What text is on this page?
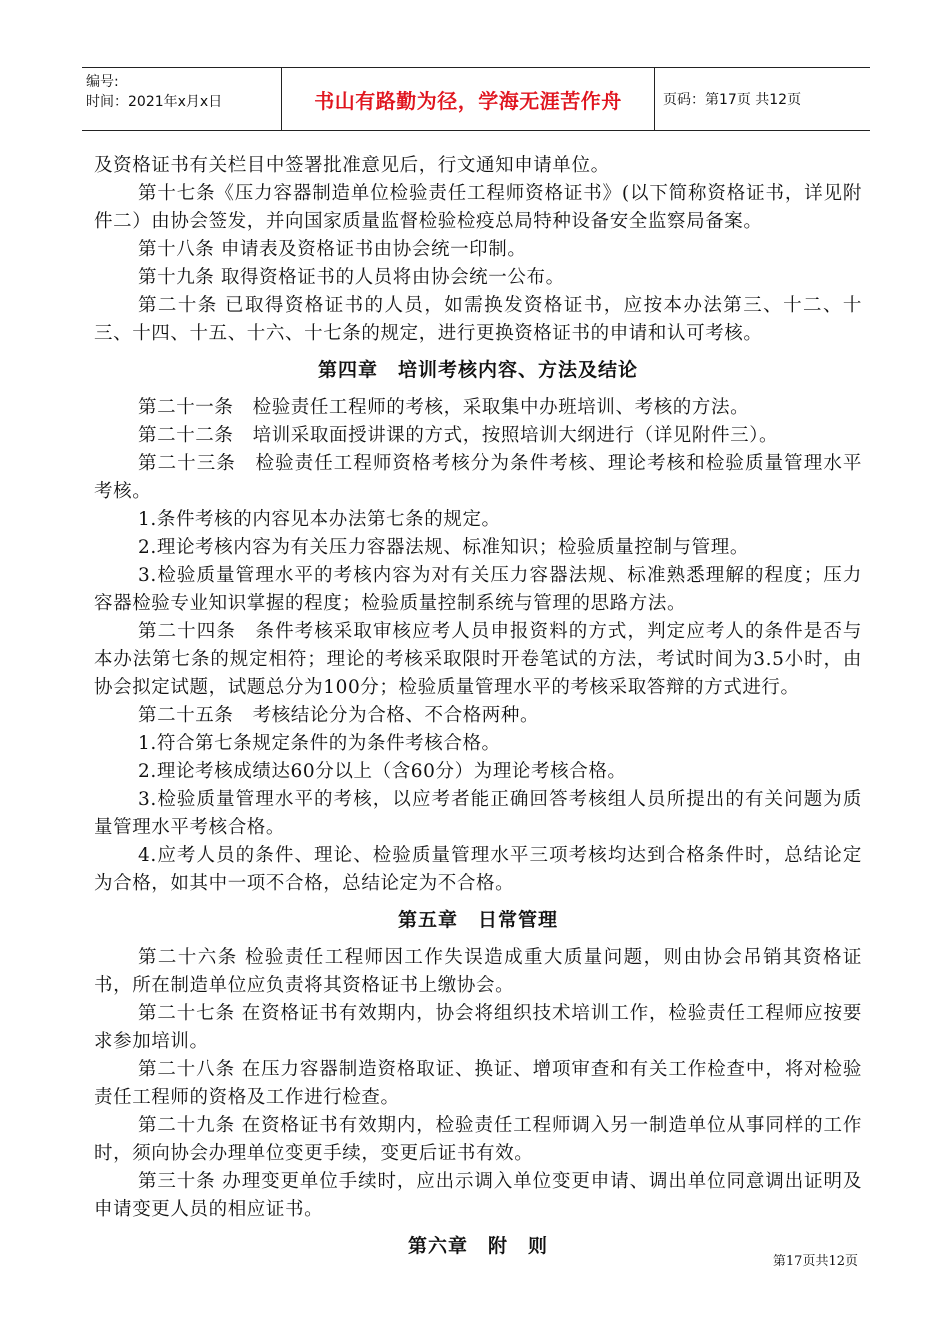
编号:
时间：2021年x月x日	书山有路勤为径，学海无涯苦作舟	页码：第17页 共12页

及资格证书有关栏目中签署批准意见后，行文通知申请单位。

第十七条《压力容器制造单位检验责任工程师资格证书》(以下简称资格证书，详见附件二）由协会签发，并向国家质量监督检验检疫总局特种设备安全监察局备案。

第十八条 申请表及资格证书由协会统一印制。

第十九条 取得资格证书的人员将由协会统一公布。

第二十条 已取得资格证书的人员，如需换发资格证书，应按本办法第三、十二、十三、十四、十五、十六、十七条的规定，进行更换资格证书的申请和认可考核。

第四章　培训考核内容、方法及结论

第二十一条　检验责任工程师的考核，采取集中办班培训、考核的方法。

第二十二条　培训采取面授讲课的方式，按照培训大纲进行（详见附件三）。

第二十三条　检验责任工程师资格考核分为条件考核、理论考核和检验质量管理水平考核。

1.条件考核的内容见本办法第七条的规定。

2.理论考核内容为有关压力容器法规、标准知识；检验质量控制与管理。

3.检验质量管理水平的考核内容为对有关压力容器法规、标准熟悉理解的程度；压力容器检验专业知识掌握的程度；检验质量控制系统与管理的思路方法。

第二十四条　条件考核采取审核应考人员申报资料的方式，判定应考人的条件是否与本办法第七条的规定相符；理论的考核采取限时开卷笔试的方法，考试时间为3.5小时，由协会拟定试题，试题总分为100分；检验质量管理水平的考核采取答辩的方式进行。

第二十五条　考核结论分为合格、不合格两种。

1.符合第七条规定条件的为条件考核合格。

2.理论考核成绩达60分以上（含60分）为理论考核合格。

3.检验质量管理水平的考核，以应考者能正确回答考核组人员所提出的有关问题为质量管理水平考核合格。

4.应考人员的条件、理论、检验质量管理水平三项考核均达到合格条件时，总结论定为合格，如其中一项不合格，总结论定为不合格。

第五章　日常管理

第二十六条 检验责任工程师因工作失误造成重大质量问题，则由协会吊销其资格证书，所在制造单位应负责将其资格证书上缴协会。

第二十七条 在资格证书有效期内，协会将组织技术培训工作，检验责任工程师应按要求参加培训。

第二十八条 在压力容器制造资格取证、换证、增项审查和有关工作检查中，将对检验责任工程师的资格及工作进行检查。

第二十九条 在资格证书有效期内，检验责任工程师调入另一制造单位从事同样的工作时，须向协会办理单位变更手续，变更后证书有效。

第三十条 办理变更单位手续时，应出示调入单位变更申请、调出单位同意调出证明及申请变更人员的相应证书。

第六章　附　则
第17页共12页
